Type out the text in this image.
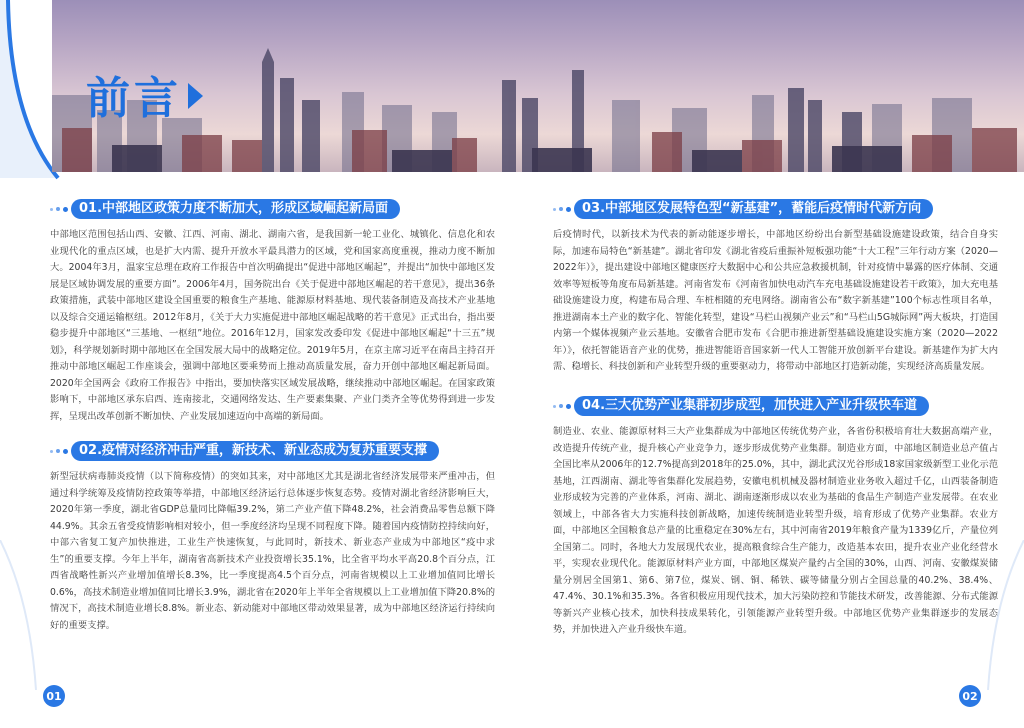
前言
01.中部地区政策力度不断加大，形成区域崛起新局面

中部地区范围包括山西、安徽、江西、河南、湖北、湖南六省，是我国新一轮工业化、城镇化、信息化和农业现代化的重点区域，也是扩大内需、提升开放水平最具潜力的区域，党和国家高度重视，推动力度不断加大。2004年3月，温家宝总理在政府工作报告中首次明确提出“促进中部地区崛起”，并提出“加快中部地区发展是区域协调发展的重要方面”。2006年4月，国务院出台《关于促进中部地区崛起的若干意见》，提出36条政策措施，武装中部地区建设全国重要的粮食生产基地、能源原材料基地、现代装备制造及高技术产业基地以及综合交通运输枢纽。2012年8月，《关于大力实施促进中部地区崛起战略的若干意见》正式出台，指出要稳步提升中部地区“三基地、一枢纽”地位。2016年12月，国家发改委印发《促进中部地区崛起“十三五”规划》，科学规划新时期中部地区在全国发展大局中的战略定位。2019年5月，在京主席习近平在南昌主持召开推动中部地区崛起工作座谈会，强调中部地区要乘势而上推动高质量发展，奋力开创中部地区崛起新局面。2020年全国两会《政府工作报告》中指出，要加快落实区域发展战略，继续推动中部地区崛起。在国家政策影响下，中部地区承东启西、连南接北，交通网络发达、生产要素集聚、产业门类齐全等优势得到进一步发挥，呈现出改革创新不断加快、产业发展加速迈向中高端的新局面。

02.疫情对经济冲击严重，新技术、新业态成为复苏重要支撑

新型冠状病毒肺炎疫情（以下简称疫情）的突如其来，对中部地区尤其是湖北省经济发展带来严重冲击，但通过科学统筹及疫情防控政策等举措，中部地区经济运行总体逐步恢复态势。疫情对湖北省经济影响巨大，2020年第一季度，湖北省GDP总量同比降幅39.2%，第二产业产值下降48.2%，社会消费品零售总额下降44.9%。其余五省受疫情影响相对较小，但一季度经济均呈现不同程度下降。随着国内疫情防控持续向好，中部六省复工复产加快推进，工业生产快速恢复，与此同时，新技术、新业态产业成为中部地区“疫中求生”的重要支撑。今年上半年，湖南省高新技术产业投资增长35.1%，比全省平均水平高20.8个百分点，江西省战略性新兴产业增加值增长8.3%，比一季度提高4.5个百分点，河南省规模以上工业增加值同比增长0.6%，高技术制造业增加值同比增长3.9%，湖北省在2020年上半年全省规模以上工业增加值下降20.8%的情况下，高技术制造业增长8.8%。新业态、新动能对中部地区带动效果显著，成为中部地区经济运行持续向好的重要支撑。

03.中部地区发展特色型“新基建”，蓄能后疫情时代新方向

后疫情时代，以新技术为代表的新动能逐步增长，中部地区纷纷出台新型基础设施建设政策，结合自身实际，加速布局特色“新基建”。湖北省印发《湖北省疫后重振补短板强功能“十大工程”三年行动方案（2020—2022年）》，提出建设中部地区健康医疗大数据中心和公共应急救援机制，针对疫情中暴露的医疗体制、交通效率等短板等角度布局新基建。河南省发布《河南省加快电动汽车充电基础设施建设若干政策》，加大充电基础设施建设力度，构建布局合理、车桩相随的充电网络。湖南省公布“数字新基建”100个标志性项目名单，推进湖南本土产业的数字化、智能化转型，建设“马栏山视频产业云”和“马栏山5G城际网”两大板块，打造国内第一个媒体视频产业云基地。安徽省合肥市发布《合肥市推进新型基础设施建设实施方案（2020—2022年）》，依托智能语音产业的优势，推进智能语音国家新一代人工智能开放创新平台建设。新基建作为扩大内需、稳增长、科技创新和产业转型升级的重要驱动力，将带动中部地区打造新动能，实现经济高质量发展。

04.三大优势产业集群初步成型，加快进入产业升级快车道

制造业、农业、能源原材料三大产业集群成为中部地区传统优势产业，各省份积极培育壮大数据高端产业，改造提升传统产业，提升核心产业竞争力，逐步形成优势产业集群。制造业方面，中部地区制造业总产值占全国比率从2006年的12.7%提高到2018年的25.0%，其中，湖北武汉光谷形成18家国家级新型工业化示范基地，江西湖南、湖北等省集群化发展趋势，安徽电机机械及器材制造业业务收入超过千亿，山西装备制造业形成较为完善的产业体系，河南、湖北、湖南逐渐形成以农业为基础的食品生产制造产业发展带。在农业领域上，中部各省大力实施科技创新战略，加速传统制造业转型升级，培育形成了优势产业集群。农业方面，中部地区全国粮食总产量的比重稳定在30%左右，其中河南省2019年粮食产量为1339亿斤，产量位列全国第二。同时，各地大力发展现代农业，提高粮食综合生产能力，改造基本农田，提升农业产业化经营水平，实现农业现代化。能源原材料产业方面，中部地区煤炭产量约占全国的30%，山西、河南、安徽煤炭储量分别居全国第1、第6、第7位，煤炭、钢、铜、稀铁、碳等储量分别占全国总量的40.2%、38.4%、47.4%、30.1%和35.3%。各省积极应用现代技术，加大污染防控和节能技术研发，改善能源、分布式能源等新兴产业核心技术，加快科技成果转化，引领能源产业转型升级。中部地区优势产业集群逐步的发展态势，并加快进入产业升级快车道。

01	02
